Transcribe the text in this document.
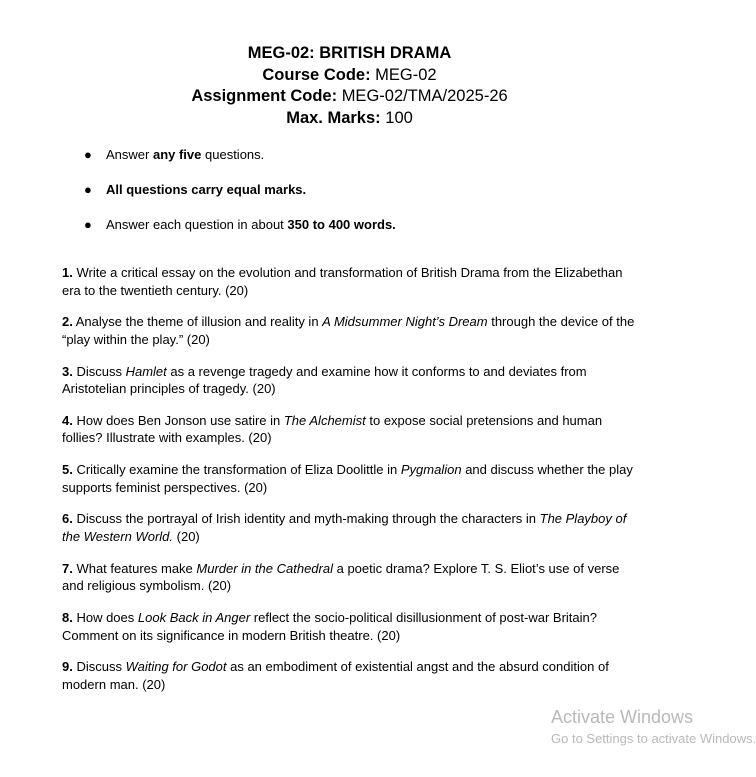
MEG-02: BRITISH DRAMA
Course Code: MEG-02
Assignment Code: MEG-02/TMA/2025-26
Max. Marks: 100
● Answer any five questions.
● All questions carry equal marks.
● Answer each question in about 350 to 400 words.
1. Write a critical essay on the evolution and transformation of British Drama from the Elizabethan era to the twentieth century. (20)
2. Analyse the theme of illusion and reality in A Midsummer Night’s Dream through the device of the “play within the play.” (20)
3. Discuss Hamlet as a revenge tragedy and examine how it conforms to and deviates from Aristotelian principles of tragedy. (20)
4. How does Ben Jonson use satire in The Alchemist to expose social pretensions and human follies? Illustrate with examples. (20)
5. Critically examine the transformation of Eliza Doolittle in Pygmalion and discuss whether the play supports feminist perspectives. (20)
6. Discuss the portrayal of Irish identity and myth-making through the characters in The Playboy of the Western World. (20)
7. What features make Murder in the Cathedral a poetic drama? Explore T. S. Eliot’s use of verse and religious symbolism. (20)
8. How does Look Back in Anger reflect the socio-political disillusionment of post-war Britain? Comment on its significance in modern British theatre. (20)
9. Discuss Waiting for Godot as an embodiment of existential angst and the absurd condition of modern man. (20)
Activate Windows
Go to Settings to activate Windows.
